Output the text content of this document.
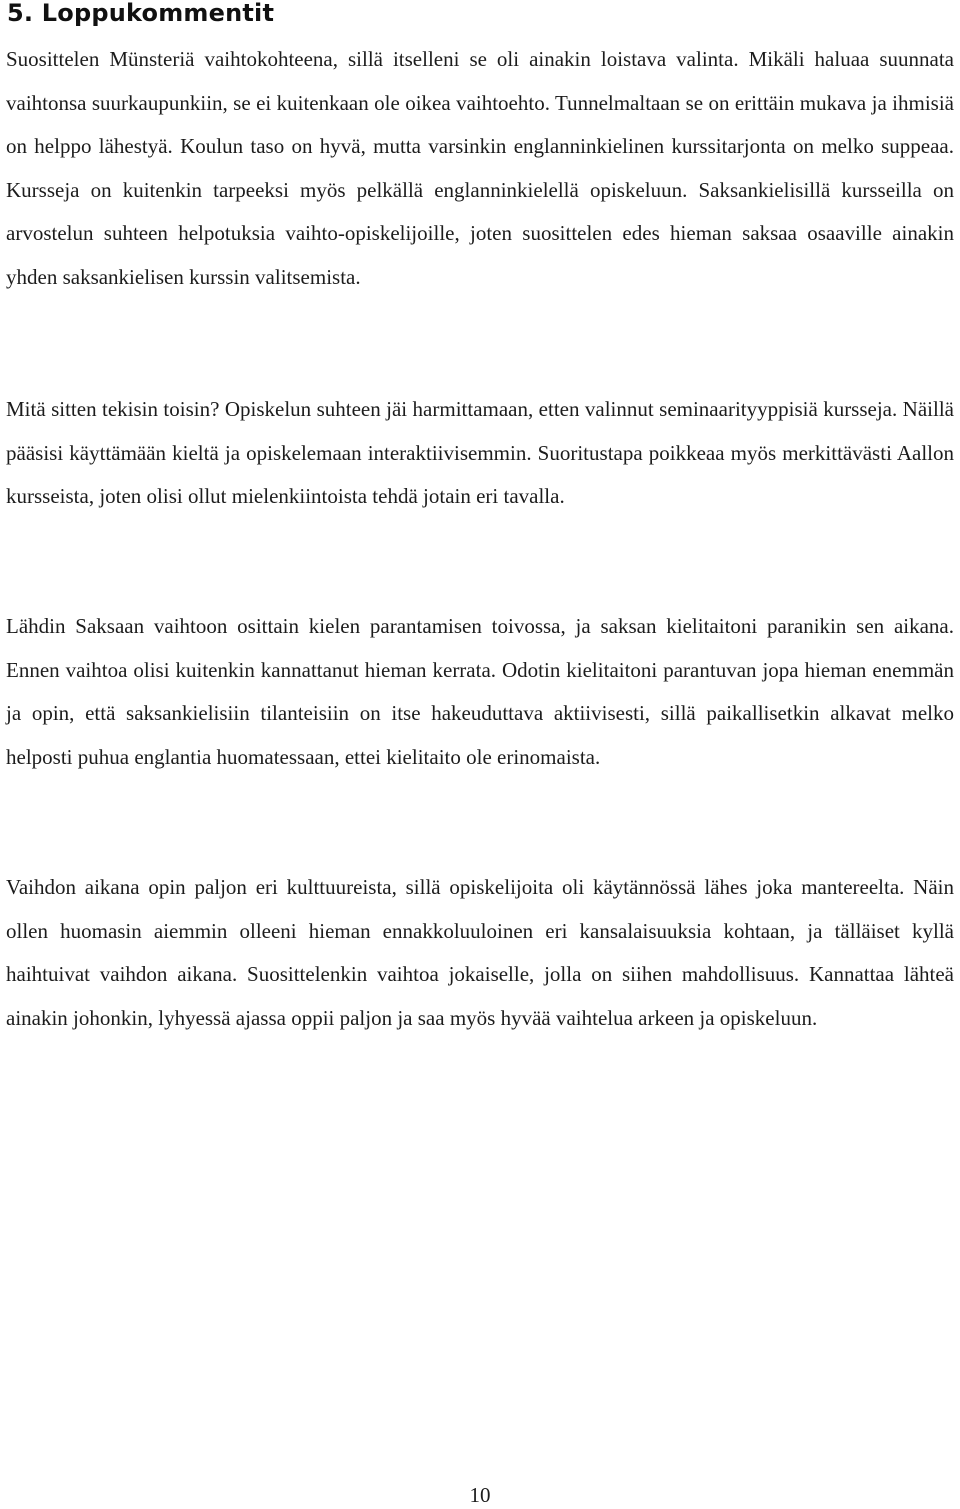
5. Loppukommentit

Suosittelen Münsteriä vaihtokohteena, sillä itselleni se oli ainakin loistava valinta. Mikäli haluaa suunnata vaihtonsa suurkaupunkiin, se ei kuitenkaan ole oikea vaihtoehto. Tunnelmaltaan se on erittäin mukava ja ihmisiä on helppo lähestyä. Koulun taso on hyvä, mutta varsinkin englanninkielinen kurssitarjonta on melko suppeaa. Kursseja on kuitenkin tarpeeksi myös pelkällä englanninkielellä opiskeluun. Saksankielisillä kursseilla on arvostelun suhteen helpotuksia vaihto-opiskelijoille, joten suosittelen edes hieman saksaa osaaville ainakin yhden saksankielisen kurssin valitsemista.

Mitä sitten tekisin toisin? Opiskelun suhteen jäi harmittamaan, etten valinnut seminaarityyppisiä kursseja. Näillä pääsisi käyttämään kieltä ja opiskelemaan interaktiivisemmin. Suoritustapa poikkeaa myös merkittävästi Aallon kursseista, joten olisi ollut mielenkiintoista tehdä jotain eri tavalla.

Lähdin Saksaan vaihtoon osittain kielen parantamisen toivossa, ja saksan kielitaitoni paranikin sen aikana. Ennen vaihtoa olisi kuitenkin kannattanut hieman kerrata. Odotin kielitaitoni parantuvan jopa hieman enemmän ja opin, että saksankielisiin tilanteisiin on itse hakeuduttava aktiivisesti, sillä paikallisetkin alkavat melko helposti puhua englantia huomatessaan, ettei kielitaito ole erinomaista.

Vaihdon aikana opin paljon eri kulttuureista, sillä opiskelijoita oli käytännössä lähes joka mantereelta. Näin ollen huomasin aiemmin olleeni hieman ennakkoluuloinen eri kansalaisuuksia kohtaan, ja tälläiset kyllä haihtuivat vaihdon aikana. Suosittelenkin vaihtoa jokaiselle, jolla on siihen mahdollisuus. Kannattaa lähteä ainakin johonkin, lyhyessä ajassa oppii paljon ja saa myös hyvää vaihtelua arkeen ja opiskeluun.

10
